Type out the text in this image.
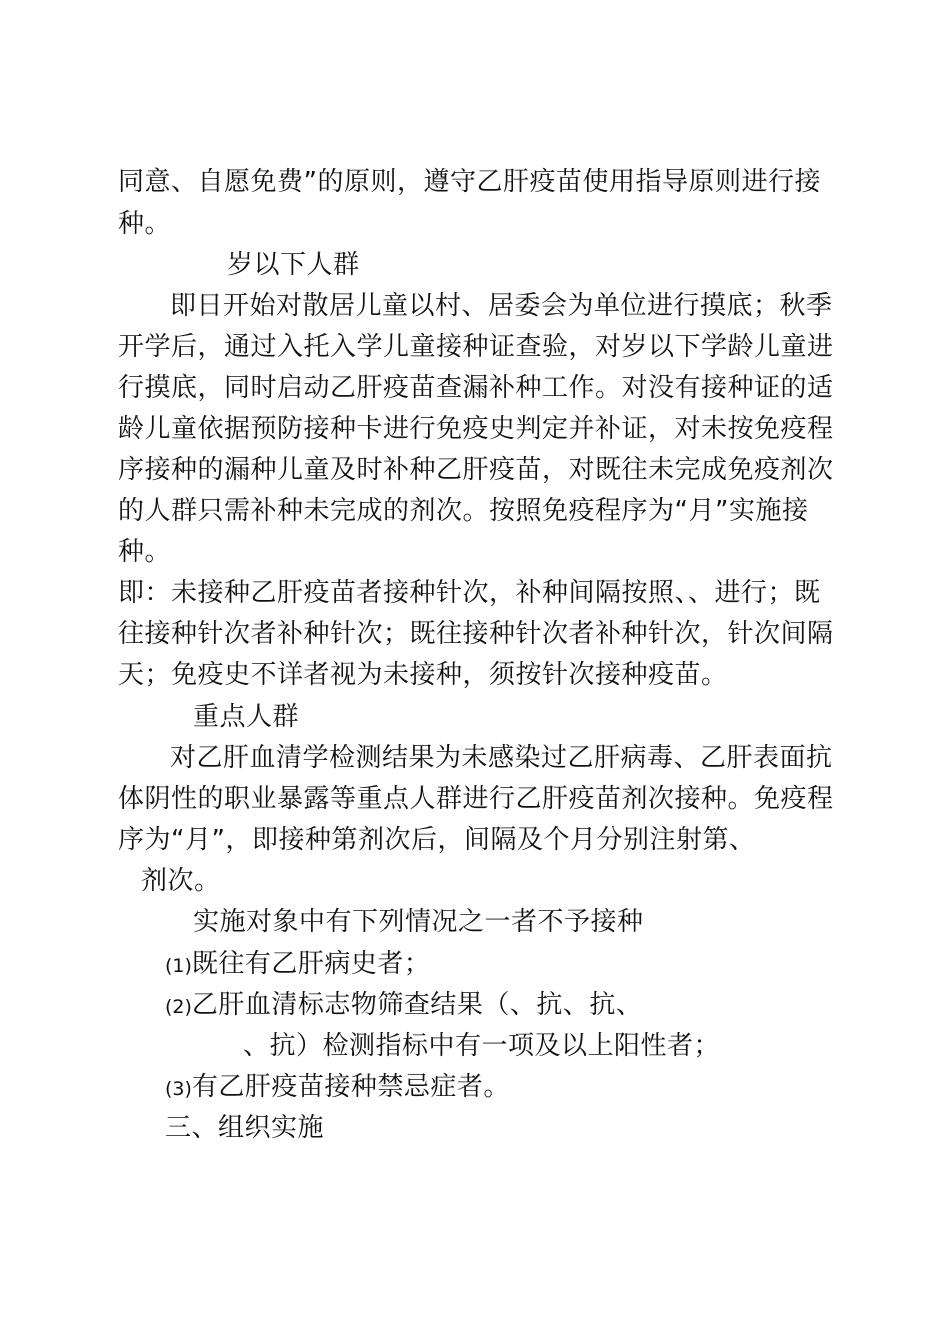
同意、自愿免费”的原则，遵守乙肝疫苗使用指导原则进行接
种。
岁以下人群
即日开始对散居儿童以村、居委会为单位进行摸底；秋季
开学后，通过入托入学儿童接种证查验，对岁以下学龄儿童进
行摸底，同时启动乙肝疫苗查漏补种工作。对没有接种证的适
龄儿童依据预防接种卡进行免疫史判定并补证，对未按免疫程
序接种的漏种儿童及时补种乙肝疫苗，对既往未完成免疫剂次
的人群只需补种未完成的剂次。按照免疫程序为“月”实施接
种。
即：未接种乙肝疫苗者接种针次，补种间隔按照、、进行；既
往接种针次者补种针次；既往接种针次者补种针次，针次间隔
天；免疫史不详者视为未接种，须按针次接种疫苗。
重点人群
对乙肝血清学检测结果为未感染过乙肝病毒、乙肝表面抗
体阴性的职业暴露等重点人群进行乙肝疫苗剂次接种。免疫程
序为“月”，即接种第剂次后，间隔及个月分别注射第、
剂次。
实施对象中有下列情况之一者不予接种
(1)既往有乙肝病史者；
(2)乙肝血清标志物筛查结果（、抗、抗、
、抗）检测指标中有一项及以上阳性者；
(3)有乙肝疫苗接种禁忌症者。
三、组织实施
